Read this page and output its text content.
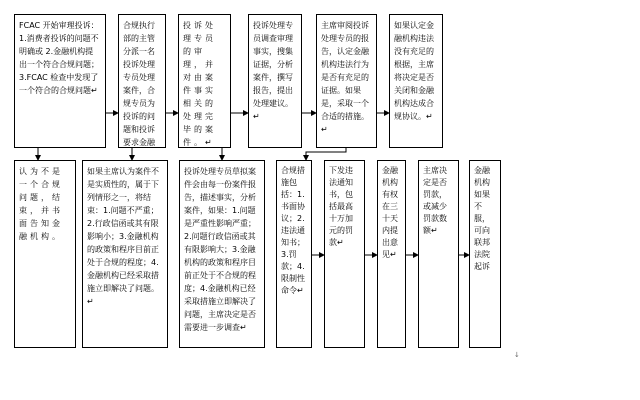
FCAC 开始审理投诉：1.消费者投诉的问题不明确或 2.金融机构提出一个符合合规问题；3.FCAC 检查中发现了一个符合的合规问题↵
合规执行部的主管分派一名投诉处理专员处理案件，合规专员为投诉的问题和投诉要求金融
投诉处理专员的审理，并对由案件事实相关的处理完毕的案件。↵
投诉处理专员调查审理事实，搜集证据，分析案件，撰写报告，提出处理建议。↵
主席审阅投诉处理专员的报告，认定金融机构违法行为是否有充足的证据。如果是，采取一个合适的措施。↵
如果认定金融机构违法没有充足的根据，主席将决定是否关闭和金融机构达成合规协议。↵
认为不是一个合规问题，结束，并书面告知金融机构。
如果主席认为案件不是实质性的，属于下列情形之一，将结束：1.问题不严重；2.行政信函或其有限影响小；3.金融机构的政策和程序目前正处于合规的程度；4.金融机构已经采取措施立即解决了问题。↵
投诉处理专员草拟案件会由每一份案件报告，描述事实，分析案件，如果：1.问题是严重性影响严重；2.问题行政信函或其有限影响大；3.金融机构的政策和程序目前正处于不合规的程度；4.金融机构已经采取措施立即解决了问题，主席决定是否需要进一步调查↵
合规措施包括：1.书面协议；2.违法通知书；3.罚款；4.限制性命令↵
下发违法通知书，包括最高十万加元的罚款↵
金融机构有权在三十天内提出意见↵
主席决定是否罚款，或减少罚款数额↵
金融机构如果不服，可向联邦法院起诉
↓
